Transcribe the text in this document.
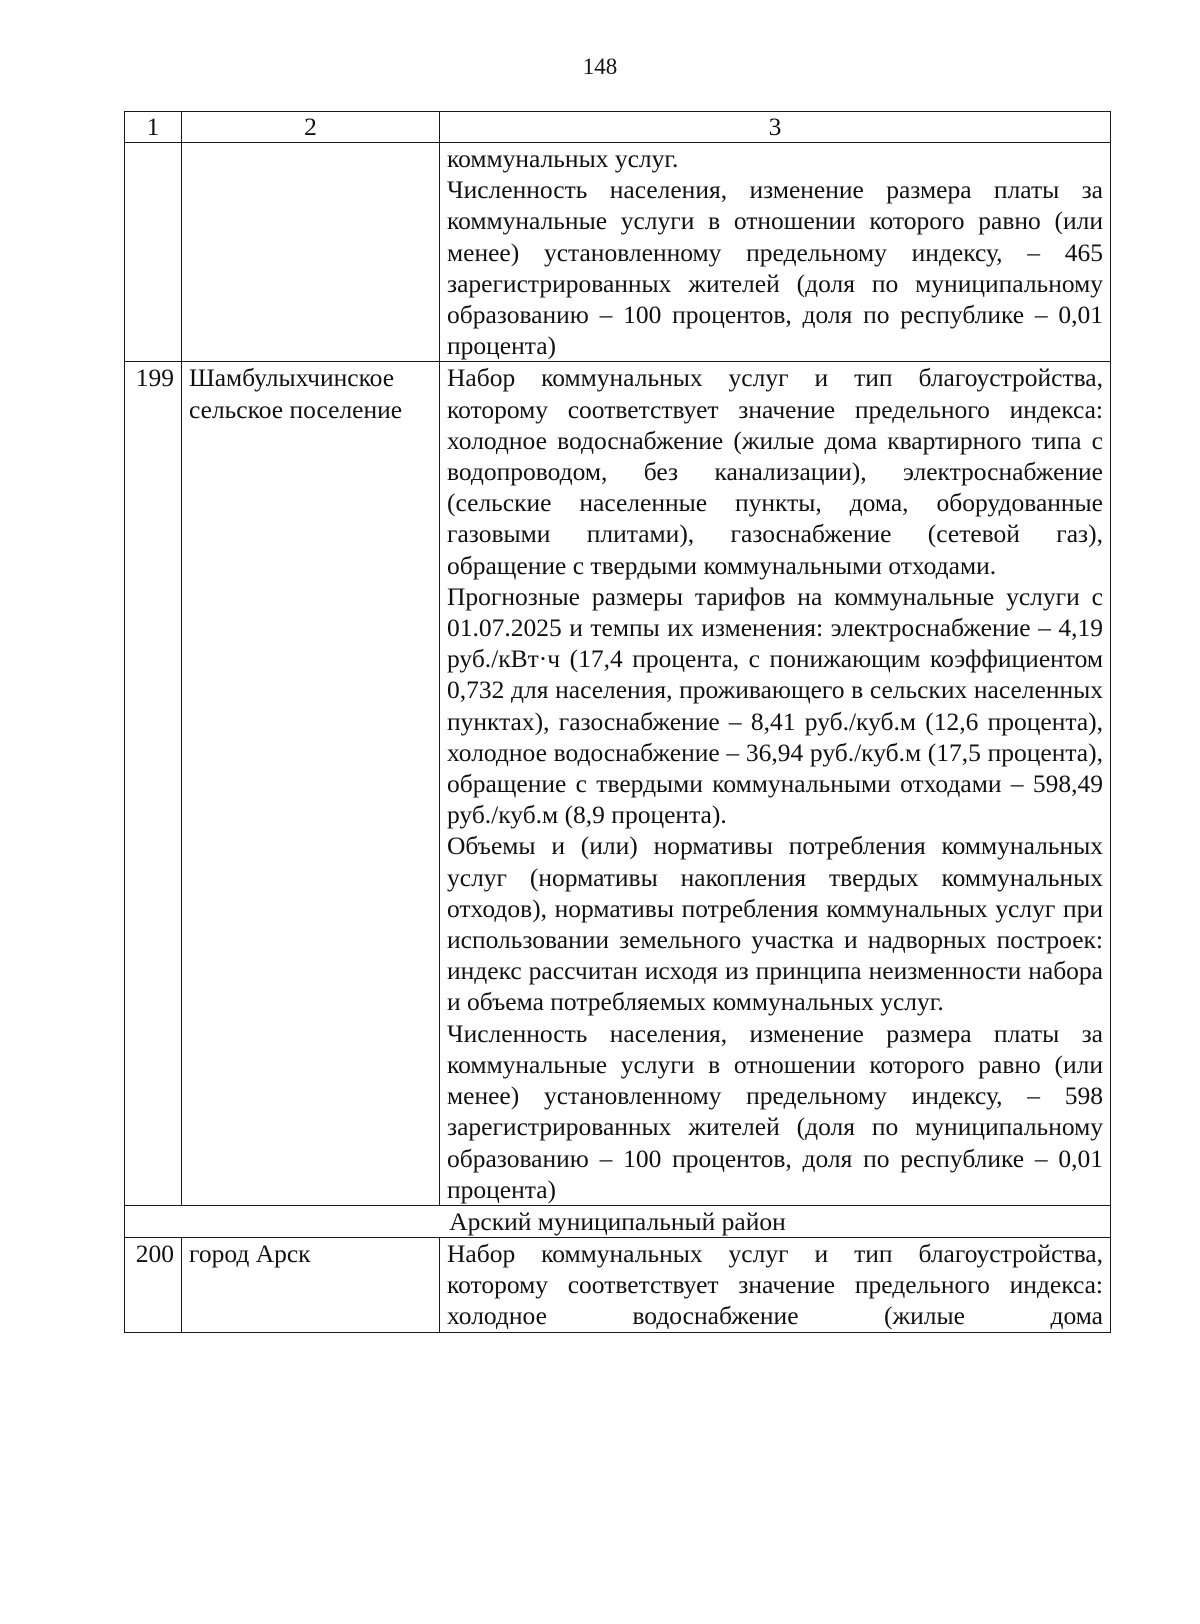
148
1	2	3

		коммунальных услуг.

Численность населения, изменение размера платы за коммунальные услуги в отношении которого равно (или менее) установленному предельному индексу, – 465 зарегистрированных жителей (доля по муниципальному образованию – 100 процентов, доля по республике – 0,01 процента)

199	Шамбулыхчинское сельское поселение	Набор коммунальных услуг и тип благоустройства, которому соответствует значение предельного индекса: холодное водоснабжение (жилые дома квартирного типа с водопроводом, без канализации), электроснабжение (сельские населенные пункты, дома, оборудованные газовыми плитами), газоснабжение (сетевой газ), обращение с твердыми коммунальными отходами.

Прогнозные размеры тарифов на коммунальные услуги с 01.07.2025 и темпы их изменения: электроснабжение – 4,19 руб./кВт·ч (17,4 процента, с понижающим коэффициентом 0,732 для населения, проживающего в сельских населенных пунктах), газоснабжение – 8,41 руб./куб.м (12,6 процента), холодное водоснабжение – 36,94 руб./куб.м (17,5 процента), обращение с твердыми коммунальными отходами – 598,49 руб./куб.м (8,9 процента).

Объемы и (или) нормативы потребления коммунальных услуг (нормативы накопления твердых коммунальных отходов), нормативы потребления коммунальных услуг при использовании земельного участка и надворных построек: индекс рассчитан исходя из принципа неизменности набора и объема потребляемых коммунальных услуг.

Численность населения, изменение размера платы за коммунальные услуги в отношении которого равно (или менее) установленному предельному индексу, – 598 зарегистрированных жителей (доля по муниципальному образованию – 100 процентов, доля по республике – 0,01 процента)

Арский муниципальный район		
200	город Арск	Набор коммунальных услуг и тип благоустройства, которому соответствует значение предельного индекса: холодное водоснабжение (жилые дома
